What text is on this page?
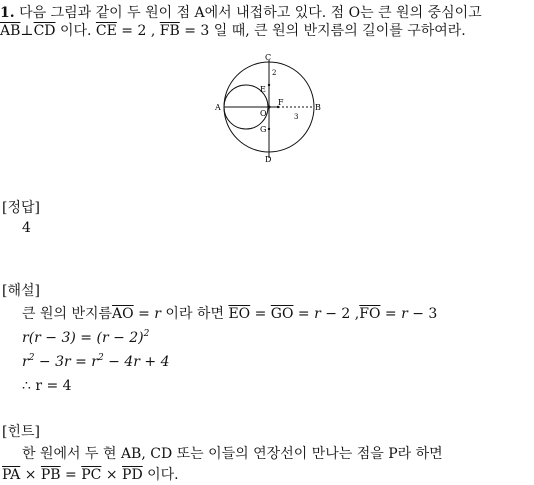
1. 다음 그림과 같이 두 원이 점 A에서 내접하고 있다. 점 O는 큰 원의 중심이고
$\overline{AB}\perp\overline{CD}$ 이다. $\overline{CE} = 2$ , $\overline{FB} = 3$ 일 때, 큰 원의 반지름의 길이를 구하여라.
C
D
A	B
E
F
O
G
2
3
[정답]
4
[해설]
큰 원의 반지름$\overline{AO} = r$ 이라 하면 $\overline{EO} = \overline{GO} = r - 2$ $,\overline{FO} = r - 3$
$r(r - 3) = (r - 2)^2$
$r^2 - 3r = r^2 - 4r + 4$
∴ r = 4
[힌트]
한 원에서 두 현 AB, CD 또는 이들의 연장선이 만나는 점을 P라 하면
$\overline{PA} \times \overline{PB} = \overline{PC} \times \overline{PD}$ 이다.
